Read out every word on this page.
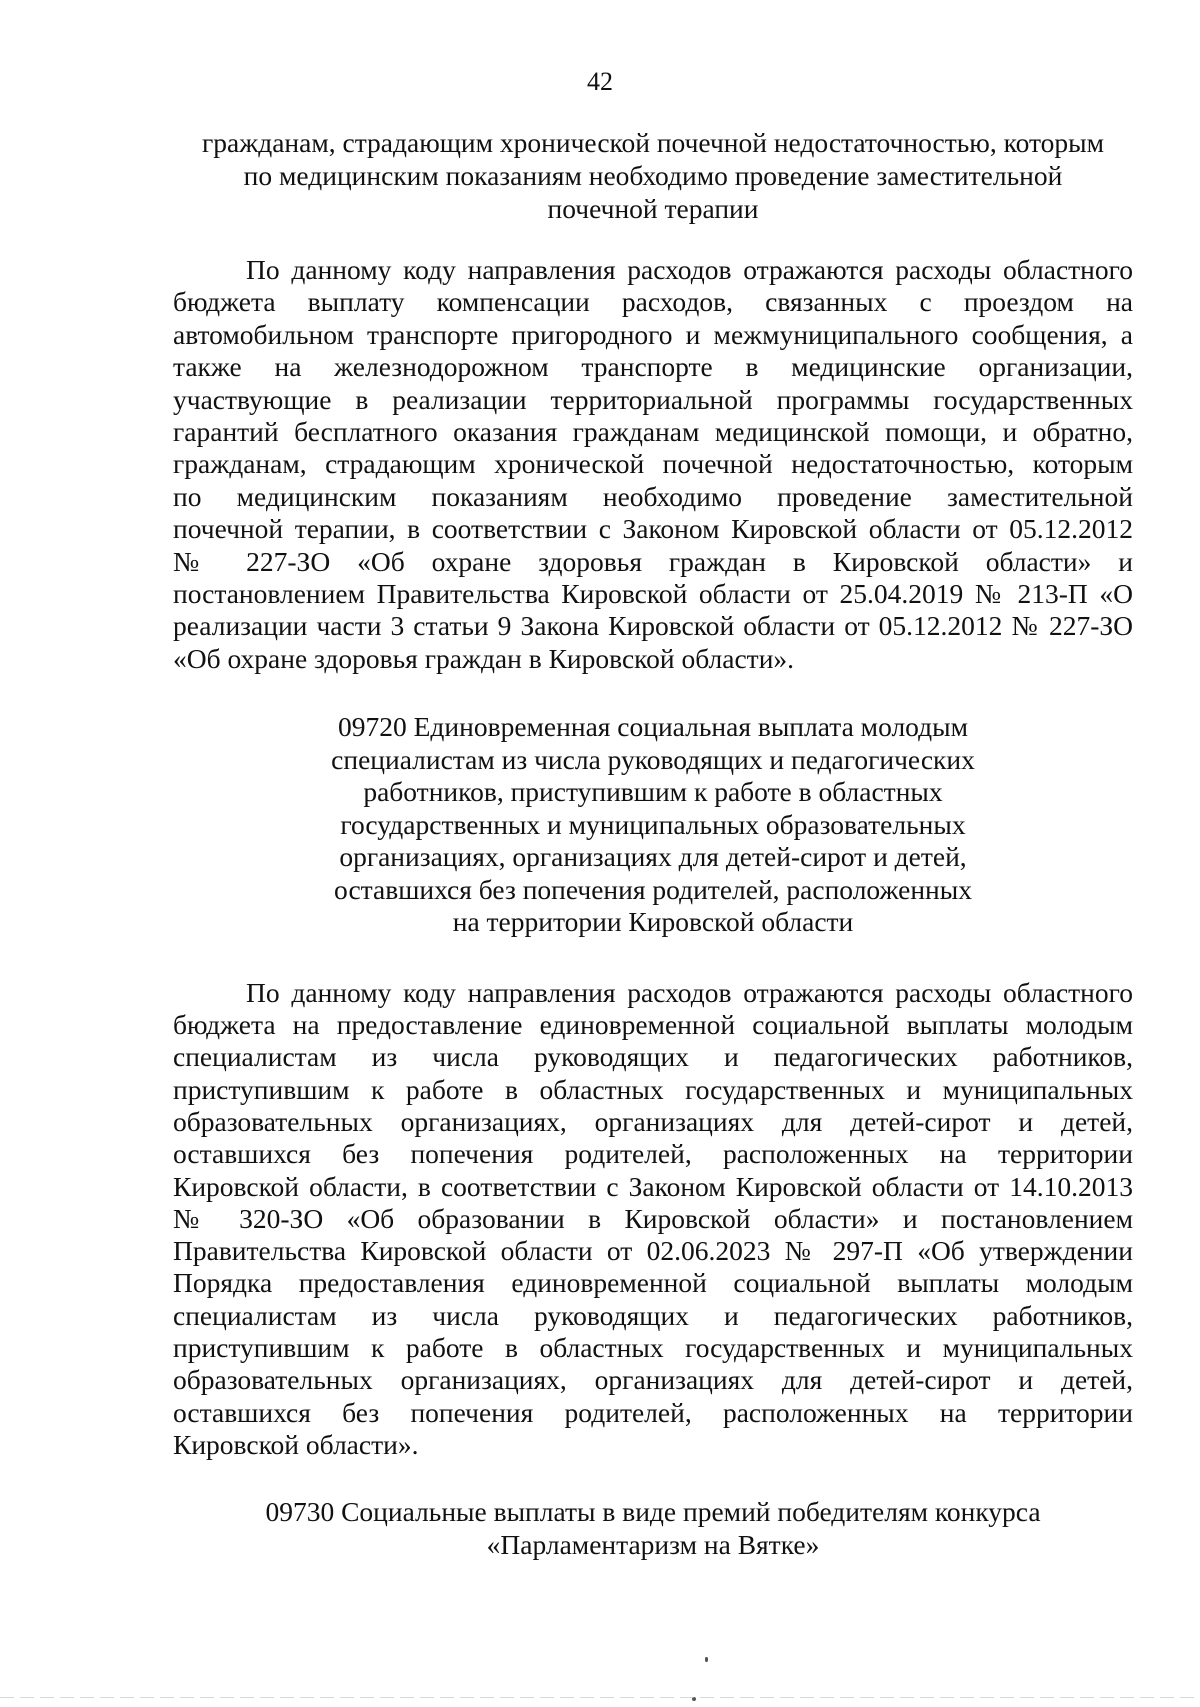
42
гражданам, страдающим хронической почечной недостаточностью, которым
по медицинским показаниям необходимо проведение заместительной
почечной терапии
По данному коду направления расходов отражаются расходы областного
бюджета выплату компенсации расходов, связанных с проездом на
автомобильном транспорте пригородного и межмуниципального сообщения, а
также на железнодорожном транспорте в медицинские организации,
участвующие в реализации территориальной программы государственных
гарантий бесплатного оказания гражданам медицинской помощи, и обратно,
гражданам, страдающим хронической почечной недостаточностью, которым
по медицинским показаниям необходимо проведение заместительной
почечной терапии, в соответствии с Законом Кировской области от 05.12.2012
№ 227-ЗО «Об охране здоровья граждан в Кировской области» и
постановлением Правительства Кировской области от 25.04.2019 № 213-П «О
реализации части 3 статьи 9 Закона Кировской области от 05.12.2012 № 227-ЗО
«Об охране здоровья граждан в Кировской области».
09720 Единовременная социальная выплата молодым
специалистам из числа руководящих и педагогических
работников, приступившим к работе в областных
государственных и муниципальных образовательных
организациях, организациях для детей-сирот и детей,
оставшихся без попечения родителей, расположенных
на территории Кировской области
По данному коду направления расходов отражаются расходы областного
бюджета на предоставление единовременной социальной выплаты молодым
специалистам из числа руководящих и педагогических работников,
приступившим к работе в областных государственных и муниципальных
образовательных организациях, организациях для детей-сирот и детей,
оставшихся без попечения родителей, расположенных на территории
Кировской области, в соответствии с Законом Кировской области от 14.10.2013
№ 320-ЗО «Об образовании в Кировской области» и постановлением
Правительства Кировской области от 02.06.2023 № 297-П «Об утверждении
Порядка предоставления единовременной социальной выплаты молодым
специалистам из числа руководящих и педагогических работников,
приступившим к работе в областных государственных и муниципальных
образовательных организациях, организациях для детей-сирот и детей,
оставшихся без попечения родителей, расположенных на территории
Кировской области».
09730 Социальные выплаты в виде премий победителям конкурса
«Парламентаризм на Вятке»
